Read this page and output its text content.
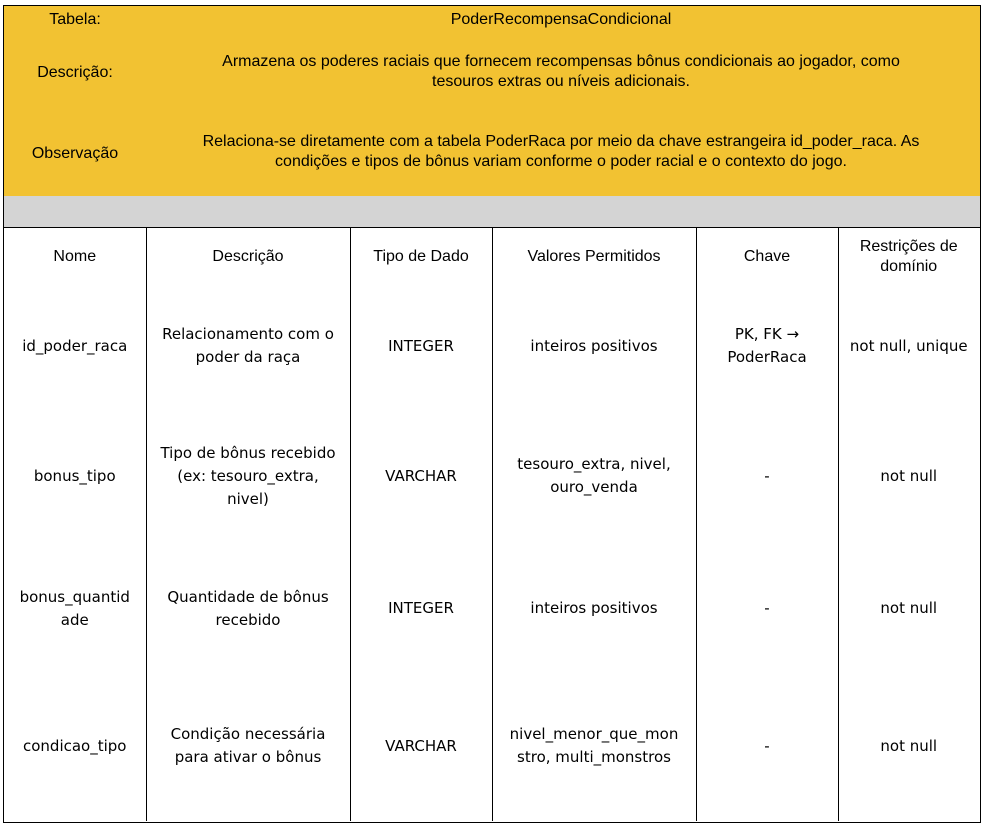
Tabela:	PoderRecompensaCondicional
Descrição:
Armazena os poderes raciais que fornecem recompensas bônus condicionais ao jogador, como
tesouros extras ou níveis adicionais.
Observação
Relaciona-se diretamente com a tabela PoderRaca por meio da chave estrangeira id_poder_raca. As
condições e tipos de bônus variam conforme o poder racial e o contexto do jogo.
Nome	Descrição	Tipo de Dado	Valores Permitidos	Chave	Restrições de
domínio

id_poder_raca	Relacionamento com o
poder da raça	INTEGER	inteiros positivos	PK, FK →
PoderRaca	not null, unique

bonus_tipo	Tipo de bônus recebido
(ex: tesouro_extra,
nivel)	VARCHAR	tesouro_extra, nivel,
ouro_venda	-	not null

bonus_quantid
ade	Quantidade de bônus
recebido	INTEGER	inteiros positivos	-	not null

condicao_tipo	Condição necessária
para ativar o bônus	VARCHAR	nivel_menor_que_mon
stro, multi_monstros	-	not null
